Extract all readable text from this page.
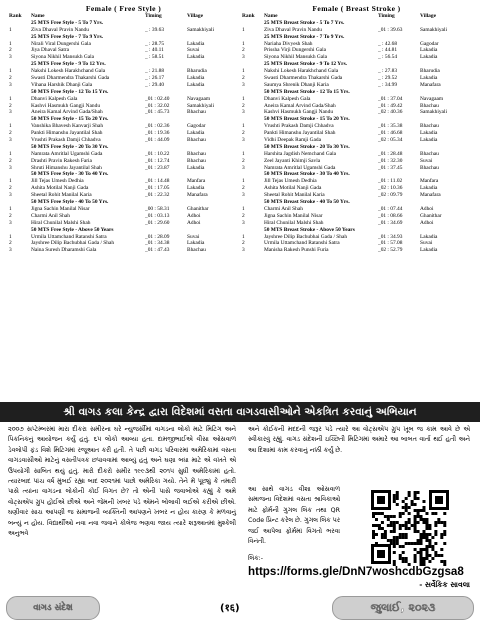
Female ( Free Style )
Rank	Name	Timing	Village
25 MTS Free Style - 5 To 7 Yrs.
1	Ziva Dhaval Pravin Nandu	_ : 39.63	Samakhiyali
25 MTS Free Style - 7 To 9 Yrs.
1	Nirali Viral Dungershi Gala	_ : 28.75	Lakadia
2	Jiya Dhaval Satra	_ : 40.11	Suvai
3	Siyona Nikhil Mansukh Gala	_ : 58.51	Lakadia
25 MTS Free Style - 9 To 12 Yrs.
1	Nakshi Lokesh Harakhchand Gala	_ : 21.88	Bharudia
2	Swasti Dharmendra Thakarshi Gada	_ : 26.17	Lakadia
3	Vihana Harshik Dhanji Gala	_ : 29.40	Lakadia
50 MTS Free Style - 12 To 15 Yrs.
1	Dhanvi Kalpesh Gala	_01 : 02.40	Navagaam
2	Kashvi Hasmukh Gangji Nandu	_01 : 32.02	Samakhiyali
3	Aneira Kamal Arvind Gada/Shah	_01 : 45.73	Bhachau
50 MTS Free Style - 15 To 20 Yrs.
1	Vanshika Bhavesh Kanvarji Shah	_01 : 02.36	Gagodar
2	Pankti Himanshu Jayantilal Shah	_01 : 19.36	Lakadia
3	Vrushti Prakash Damji Chhadva	_01 : 44.09	Bhachau
50 MTS Free Style - 20 To 30 Yrs.
1	Namrata Amritlal Ugamshi Gada	_01 : 10.22	Bhachau
2	Drashti Pravin Rakesh Faria	_01 : 12.74	Bhachau
3	Shruti Himanshu Jayantilal Shah	_01 : 23.87	Lakadia
50 MTS Free Style - 30 To 40 Yrs.
1	Jill Tejas Umesh Dedhia	_01 : 14.48	Manfara
2	Ashita Motilal Nanji Gada	_01 : 17.05	Lakadia
3	Sheetal Rohit Manilal Karia	_01 : 22.32	Manafara
50 MTS Free Style - 40 To 50 Yrs.
1	Jigna Sachin Manilal Nisar	_00 : 58.31	Ghanithar
2	Charmi Anil Shah	_01 : 03.13	Adhoi
3	Hiral Chunilal Malshi Shah	_01 : 29.60	Adhoi
50 MTS Free Style - Above 50 Years
1	Urmila Uttamchand Ratanshi Satra	_01 : 28.09	Suvai
2	Jayshree Dilip Bachubhai Gada / Shah	_01 : 34.38	Lakadia
3	Naina Suresh Dharamshi Gala	_01 : 47.43	Bhachau
Female ( Breast Stroke )
Rank	Name	Timing	Village
25 MTS Breast Stroke - 5 To 7 Yrs.
1	Ziva Dhaval Pravin Nandu	_01 : 39.63	Samakhiyali
25 MTS Breast Stroke - 7 To 9 Yrs.
1	Nariaha Divyesh Shah	_ : 42.68	Gagodar
2	Prissha Virji Dungershi Gala	_ : 44.81	Lakadia
3	Siyona Nikhil Mansukh Gala	_ : 56.54	Lakadia
25 MTS Breast Stroke - 9 To 12 Yrs.
1	Nakshi Lokesh Harakhchand Gala	_ : 27.83	Bharudia
2	Swasti Dharmendra Thakarshi Gada	_ : 29.52	Lakadia
3	Saumya Shrenik Dhanji Karia	_ : 34.99	Manafara
50 MTS Breast Stroke - 12 To 15 Yrs.
1	Dhanvi Kalpesh Gala	_01 : 37.04	Navagaam
2	Aneira Kamal Arvind Gada/Shah	_01 : 49.42	Bhachau
3	Kashvi Hasmukh Gangji Nandu	_02 : 40.36	Samakhiyali
50 MTS Breast Stroke - 15 To 20 Yrs.
1	Vrushti Prakash Damji Chhadva	_01 : 35.38	Bhachau
2	Pankti Himanshu Jayantilal Shah	_01 : 46.68	Lakadia
3	Vidhi Deepak Ramji Gada	_02 : 05.34	Lakadia
50 MTS Breast Stroke - 20 To 30 Yrs.
1	Harshita Jagdish Nemchand Gala	_01 : 28.48	Bhachau
2	Zeel Jayanti Khimji Savla	_01 : 32.30	Suvai
3	Namrata Amritlal Ugamshi Gada	_01 : 37.45	Bhachau
50 MTS Breast Stroke - 30 To 40 Yrs.
1	Jill Tejas Umesh Dedhia	_01 : 11.02	Manfara
2	Ashita Motilal Nanji Gada	_02 : 10.36	Lakadia
3	Sheetal Rohit Manilal Karia	_02 : 09.79	Manafara
50 MTS Breast Stroke - 40 To 50 Yrs.
1	Charmi Anil Shah	_01 : 07.44	Adhoi
2	Jigna Sachin Manilal Nisar	_01 : 08.66	Ghanithar
3	Hiral Chunilal Malshi Shah	_01 : 34.69	Adhoi
50 MTS Breast Stroke - Above 50 Years
1	Jayshree Dilip Bachubhai Gada / Shah	_01 : 34.93	Lakadia
2	Urmila Uttamchand Ratanshi Satra	_01 : 57.08	Suvai
3	Manisha Rakesh Punshi Furia	_02 : 52.79	Lakadia
શ્રી વાગડ કલા કેન્દ્ર દ્વારા વિદેશમાં વસતા વાગડવાસીઓને એકત્રિત કરવાનું અભિયાન

૨૦૦૭ સપ્ટેમ્બરમાં મારા દીકરા સમીરના ઘરે ન્યુજર્સીમાં વાગડના લોકો માટે મિટિંગ અને પિકનિકનું આયોજન કર્યું હતું. ૬૫ લોકો આવ્યા હતા. દામજીભાઈએ વીસા ઓસવાળ ડેવલોપી ફંડ વિશે મિટિંગમાં રજૂઆત કરી હતી. તે પછી વાગડ પરિવારમાં અમેરિકામાં વસતા વાગડવાસીઓ માટેનું વસતીપત્રક છપાવવામાં આવ્યું હતું અને ઘણા બધા માટે એ વખતે એ ઉપયોગી સાબિત થયું હતું. મારો દીકરો સમીર ૧૯૯૩થી ૨૦૧૫ સુધી અમેરિકામાં હતો. ત્યારબાદ પાંચ વર્ષ મુંબઈ રહ્યા બાદ ૨૦૨૧માં પાછો અમેરિકા ગયો. તેને મેં પૂછ્યું કે તમારી પાસે ત્યાંના વાગડના લોકોની કોઈ વિગત છે? તો એની પાસે જવાબોએ કહ્યું કે અમે વોટ્સએપ ગ્રુપ હોઈએ છીએ અને જેમની ખબર પડે એમને બોલાવી લઈએ કરીએ છીએ. ઘણીવાર સાચ આપણી જ સમાજની વ્યક્તિની આપણને ખબર ન હોય કારણ કે મળવાનું બન્યું ન હોય. વિદ્યાર્થીઓ નવા નવા જવાને કોલેજ ભણવા જાય ત્યારે શરૂઆતમાં મુશ્કેલી અનુભવે

અને કોઈકની મદદની જરૂર પડે ત્યારે આ વોટ્સએપ ગ્રુપ ખૂબ જ કામ આવે છે એ સ્વીકારવું રહ્યું. વાગડ સંદેશની ઇચ્છિતી મિટિંગમાં અમારે આ બાબત વાર્તા થઈ હતી અને આ દિશામાં કામ કરવાનું નક્કી કર્યું છે.

આ સાથે વાગડ વીશા ઓસવાળ સમાજના વિદેશમાં વસતા શ્રાવિકાઓ માટે ફોર્મની ગુગલ લિંક તથા QR Code પ્રિન્ટ કરેલ છે. ગુગલ લિંક પર જઈ આપેલા ફોર્મમાં વિગતો ભરવા વિનંતી.

લિંક:-
https://forms.gle/DnN7woshcdbGzgsa8
- સર્વેકિક સાવલા
વાગડ સંદેશ	(१६)	જુલાઈ, ૨૦૨૩
